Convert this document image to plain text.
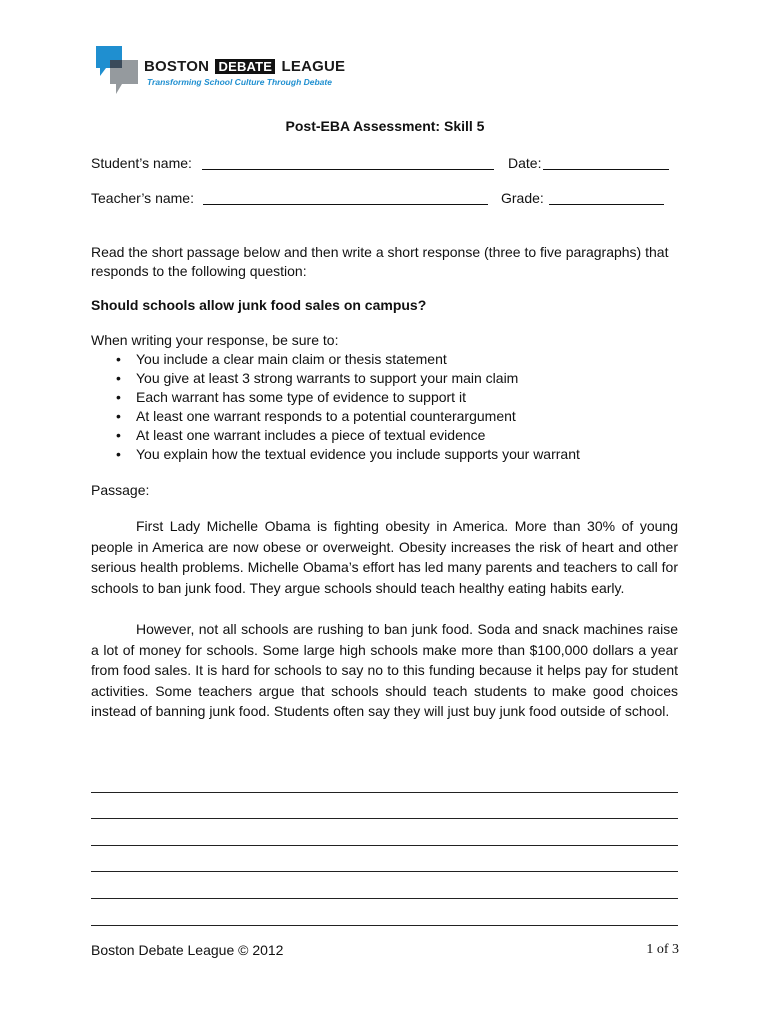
BOSTON DEBATE LEAGUE
Transforming School Culture Through Debate
Post-EBA Assessment: Skill 5
Student’s name:	Date:
Teacher’s name:	Grade:

Read the short passage below and then write a short response (three to five paragraphs) that responds to the following question:

Should schools allow junk food sales on campus?

When writing your response, be sure to:

• You include a clear main claim or thesis statement
• You give at least 3 strong warrants to support your main claim
• Each warrant has some type of evidence to support it
• At least one warrant responds to a potential counterargument
• At least one warrant includes a piece of textual evidence
• You explain how the textual evidence you include supports your warrant

Passage:

First Lady Michelle Obama is fighting obesity in America. More than 30% of young people in America are now obese or overweight. Obesity increases the risk of heart and other serious health problems. Michelle Obama’s effort has led many parents and teachers to call for schools to ban junk food. They argue schools should teach healthy eating habits early.

However, not all schools are rushing to ban junk food. Soda and snack machines raise a lot of money for schools. Some large high schools make more than $100,000 dollars a year from food sales. It is hard for schools to say no to this funding because it helps pay for student activities. Some teachers argue that schools should teach students to make good choices instead of banning junk food. Students often say they will just buy junk food outside of school.

Boston Debate League © 2012	1 of 3
